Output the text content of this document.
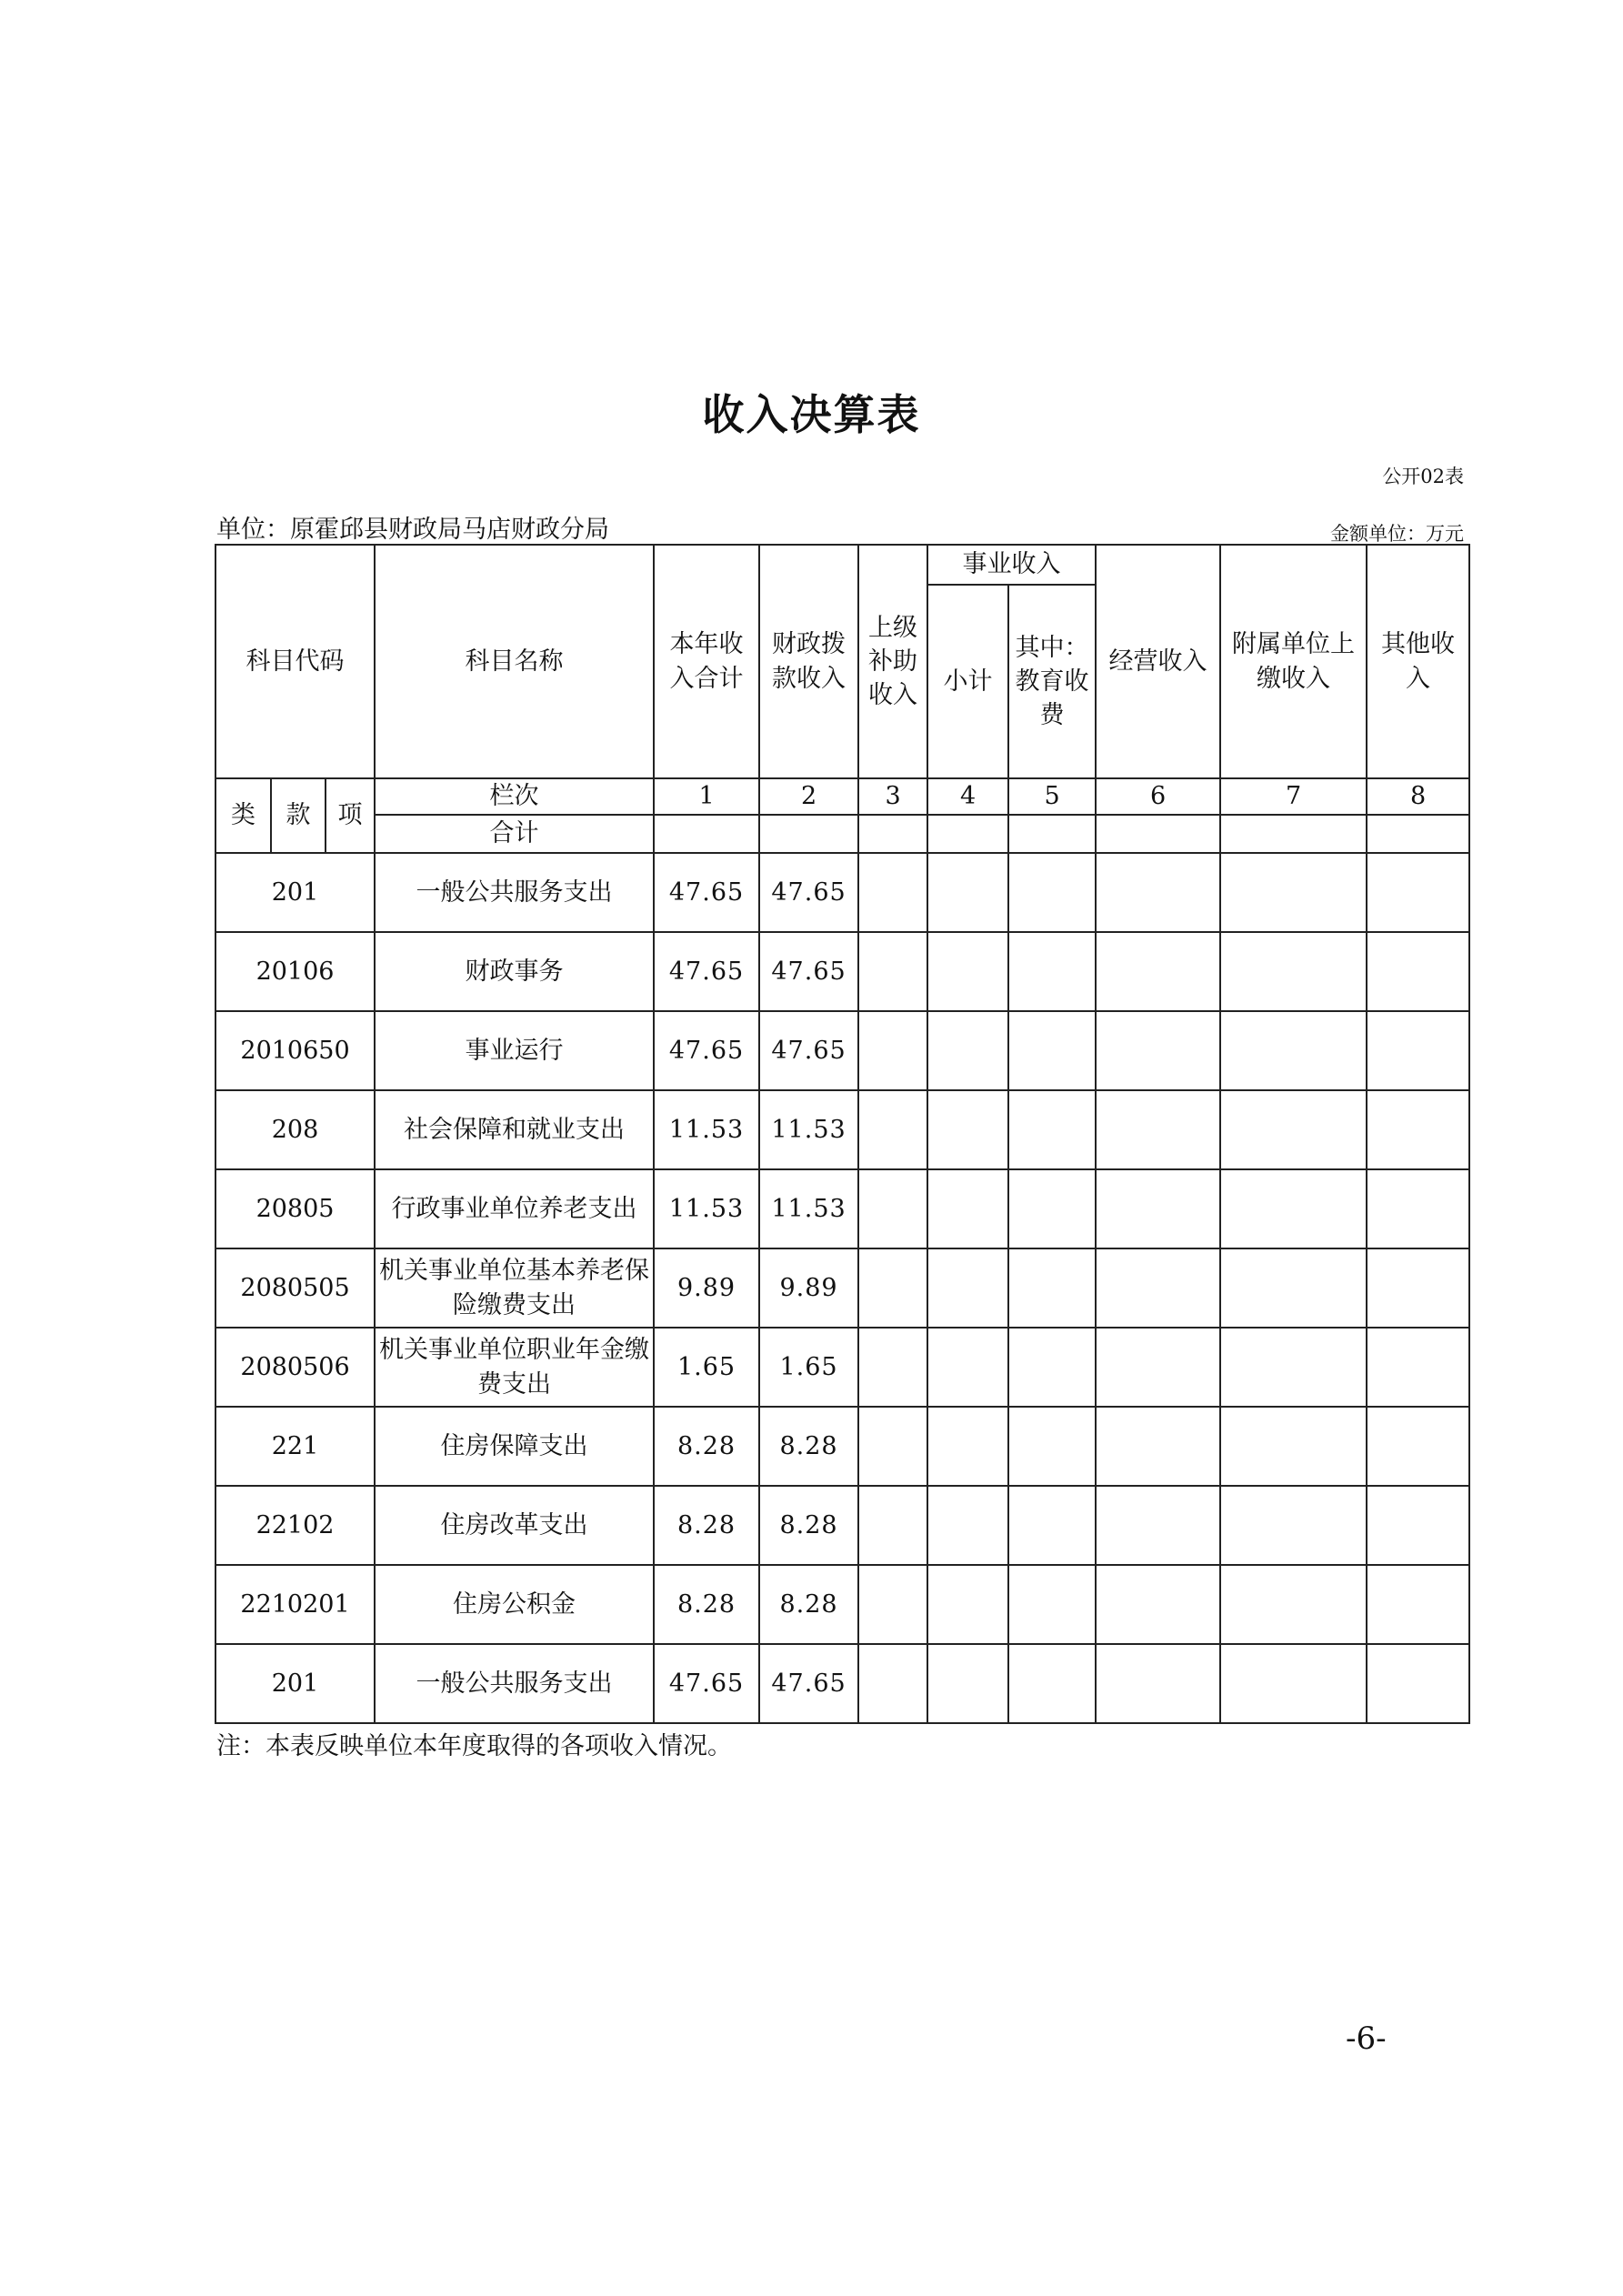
收入决算表
公开02表
单位：原霍邱县财政局马店财政分局	金额单位：万元
科目代码			科目名称	本年收入合计	财政拨款收入	上级补助收入	事业收入		经营收入	附属单位上缴收入	其他收入
							小计	其中：教育收费			
类	款	项	栏次	1	2	3	4	5	6	7	8
			合计								
201			一般公共服务支出	47.65	47.65						
20106			财政事务	47.65	47.65						
2010650			事业运行	47.65	47.65						
208			社会保障和就业支出	11.53	11.53						
20805			行政事业单位养老支出	11.53	11.53						
2080505			机关事业单位基本养老保险缴费支出	9.89	9.89						
2080506			机关事业单位职业年金缴费支出	1.65	1.65						
221			住房保障支出	8.28	8.28						
22102			住房改革支出	8.28	8.28						
2210201			住房公积金	8.28	8.28						
201			一般公共服务支出	47.65	47.65						
注：本表反映单位本年度取得的各项收入情况。
-6-
